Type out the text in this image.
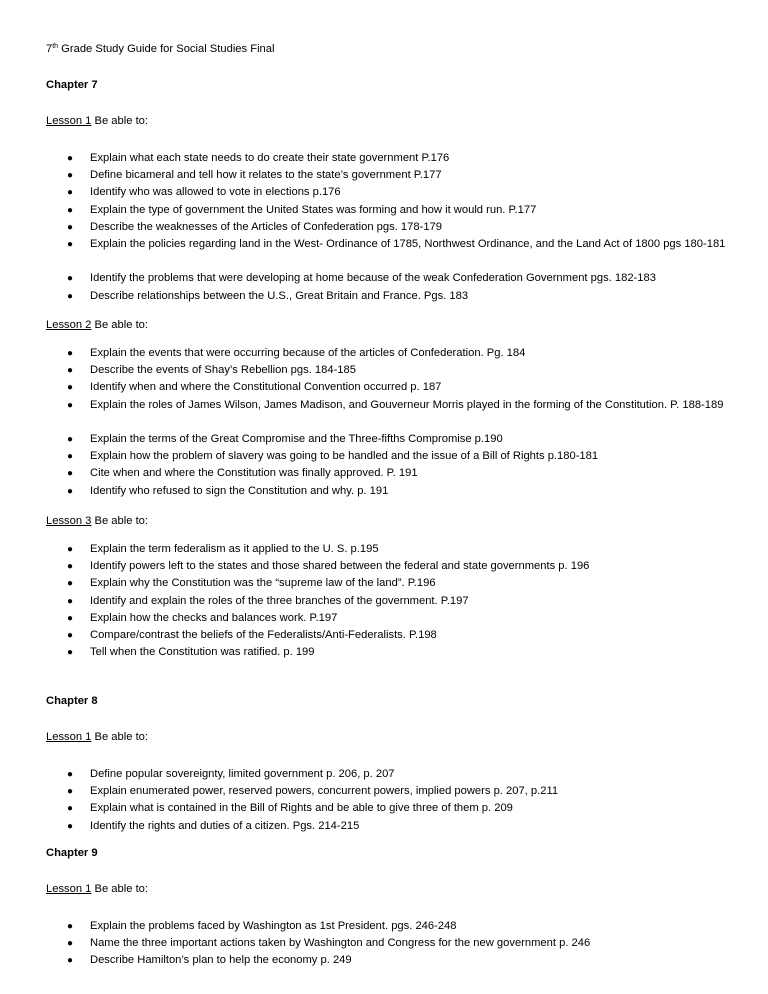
7th Grade Study Guide for Social Studies Final
Chapter 7
Lesson 1 Be able to:
● Explain what each state needs to do create their state government P.176
● Define bicameral and tell how it relates to the state’s government P.177
● Identify who was allowed to vote in elections p.176
● Explain the type of government the United States was forming and how it would run. P.177
● Describe the weaknesses of the Articles of Confederation pgs. 178-179
● Explain the policies regarding land in the West- Ordinance of 1785, Northwest Ordinance, and the Land Act of 1800 pgs 180-181
● Identify the problems that were developing at home because of the weak Confederation Government pgs. 182-183
● Describe relationships between the U.S., Great Britain and France. Pgs. 183
Lesson 2 Be able to:
● Explain the events that were occurring because of the articles of Confederation. Pg. 184
● Describe the events of Shay’s Rebellion pgs. 184-185
● Identify when and where the Constitutional Convention occurred p. 187
● Explain the roles of James Wilson, James Madison, and Gouverneur Morris played in the forming of the Constitution. P. 188-189
● Explain the terms of the Great Compromise and the Three-fifths Compromise p.190
● Explain how the problem of slavery was going to be handled and the issue of a Bill of Rights p.180-181
● Cite when and where the Constitution was finally approved. P. 191
● Identify who refused to sign the Constitution and why. p. 191
Lesson 3 Be able to:
● Explain the term federalism as it applied to the U. S. p.195
● Identify powers left to the states and those shared between the federal and state governments p. 196
● Explain why the Constitution was the “supreme law of the land”. P.196
● Identify and explain the roles of the three branches of the government. P.197
● Explain how the checks and balances work. P.197
● Compare/contrast the beliefs of the Federalists/Anti-Federalists. P.198
● Tell when the Constitution was ratified. p. 199
Chapter 8
Lesson 1 Be able to:
● Define popular sovereignty, limited government p. 206, p. 207
● Explain enumerated power, reserved powers, concurrent powers, implied powers p. 207, p.211
● Explain what is contained in the Bill of Rights and be able to give three of them p. 209
● Identify the rights and duties of a citizen. Pgs. 214-215
Chapter 9
Lesson 1 Be able to:
● Explain the problems faced by Washington as 1st President. pgs. 246-248
● Name the three important actions taken by Washington and Congress for the new government p. 246
● Describe Hamilton’s plan to help the economy p. 249
